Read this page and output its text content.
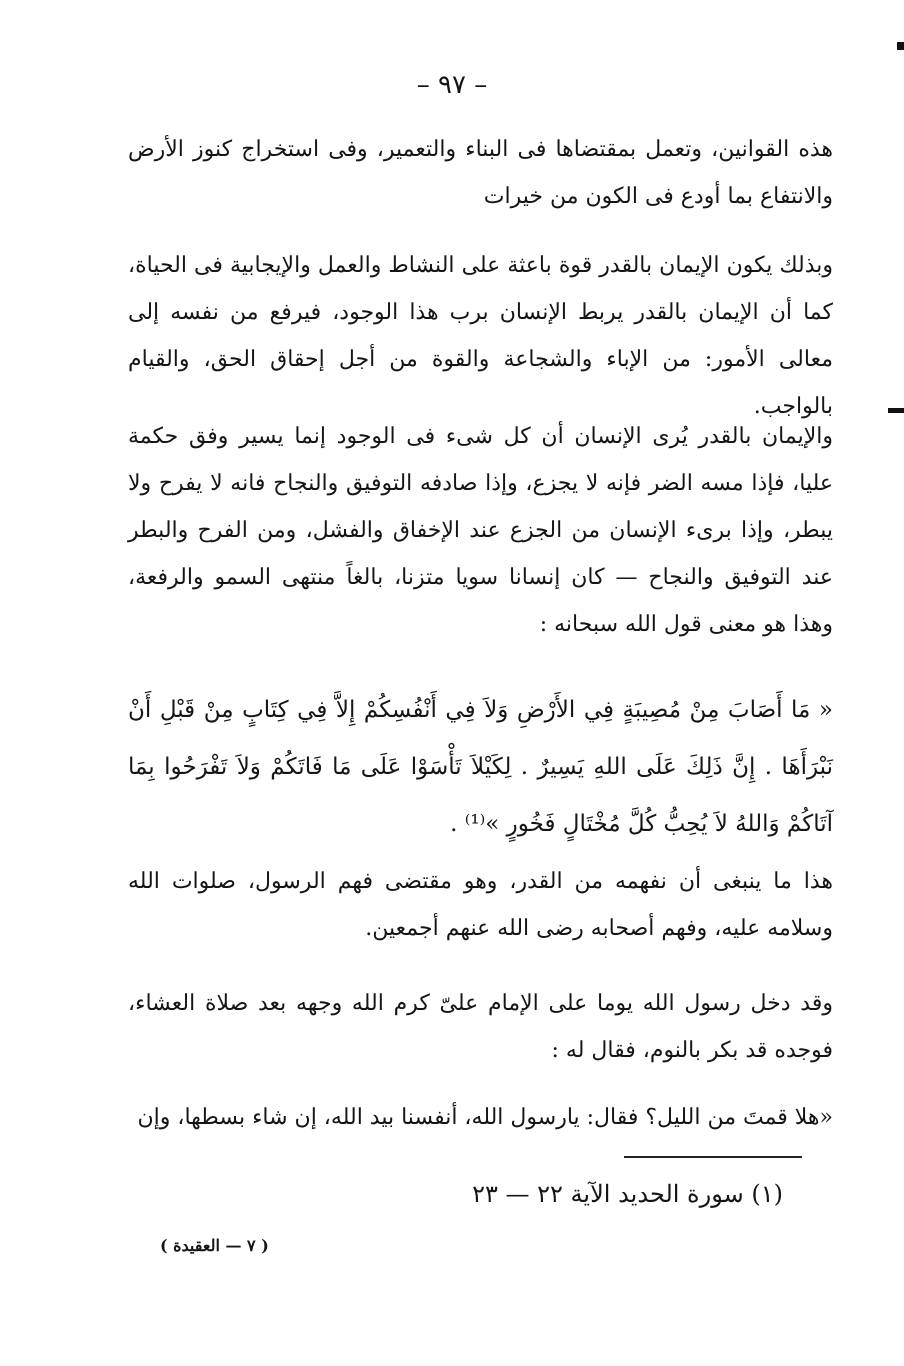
– ٩٧ –

هذه القوانين، وتعمل بمقتضاها فى البناء والتعمير، وفى استخراج كنوز الأرض والانتفاع بما أودع فى الكون من خيرات

وبذلك يكون الإيمان بالقدر قوة باعثة على النشاط والعمل والإيجابية فى الحياة، كما أن الإيمان بالقدر يربط الإنسان برب هذا الوجود، فيرفع من نفسه إلى معالى الأمور: من الإباء والشجاعة والقوة من أجل إحقاق الحق، والقيام بالواجب.

والإيمان بالقدر يُرى الإنسان أن كل شىء فى الوجود إنما يسير وفق حكمة عليا، فإذا مسه الضر فإنه لا يجزع، وإذا صادفه التوفيق والنجاح فانه لا يفرح ولا يبطر، وإذا برىء الإنسان من الجزع عند الإخفاق والفشل، ومن الفرح والبطر عند التوفيق والنجاح — كان إنسانا سويا متزنا، بالغاً منتهى السمو والرفعة، وهذا هو معنى قول الله سبحانه :

« مَا أَصَابَ مِنْ مُصِيبَةٍ فِي الأَرْضِ وَلاَ فِي أَنْفُسِكُمْ إِلاَّ فِي كِتَابٍ مِنْ قَبْلِ أَنْ نَبْرَأَهَا . إِنَّ ذَلِكَ عَلَى اللهِ يَسِيرٌ . لِكَيْلاَ تَأْسَوْا عَلَى مَا فَاتَكُمْ وَلاَ تَفْرَحُوا بِمَا آتَاكُمْ وَاللهُ لاَ يُحِبُّ كُلَّ مُخْتَالٍ فَخُورٍ »⁽¹⁾ .

هذا ما ينبغى أن نفهمه من القدر، وهو مقتضى فهم الرسول، صلوات الله وسلامه عليه، وفهم أصحابه رضى الله عنهم أجمعين.

وقد دخل رسول الله يوما على الإمام علىّ كرم الله وجهه بعد صلاة العشاء، فوجده قد بكر بالنوم، فقال له :

«هلا قمتَ من الليل؟ فقال: يارسول الله، أنفسنا بيد الله، إن شاء بسطها، وإن
(١) سورة الحديد الآية ٢٢ — ٢٣
( ٧ — العقيدة )
